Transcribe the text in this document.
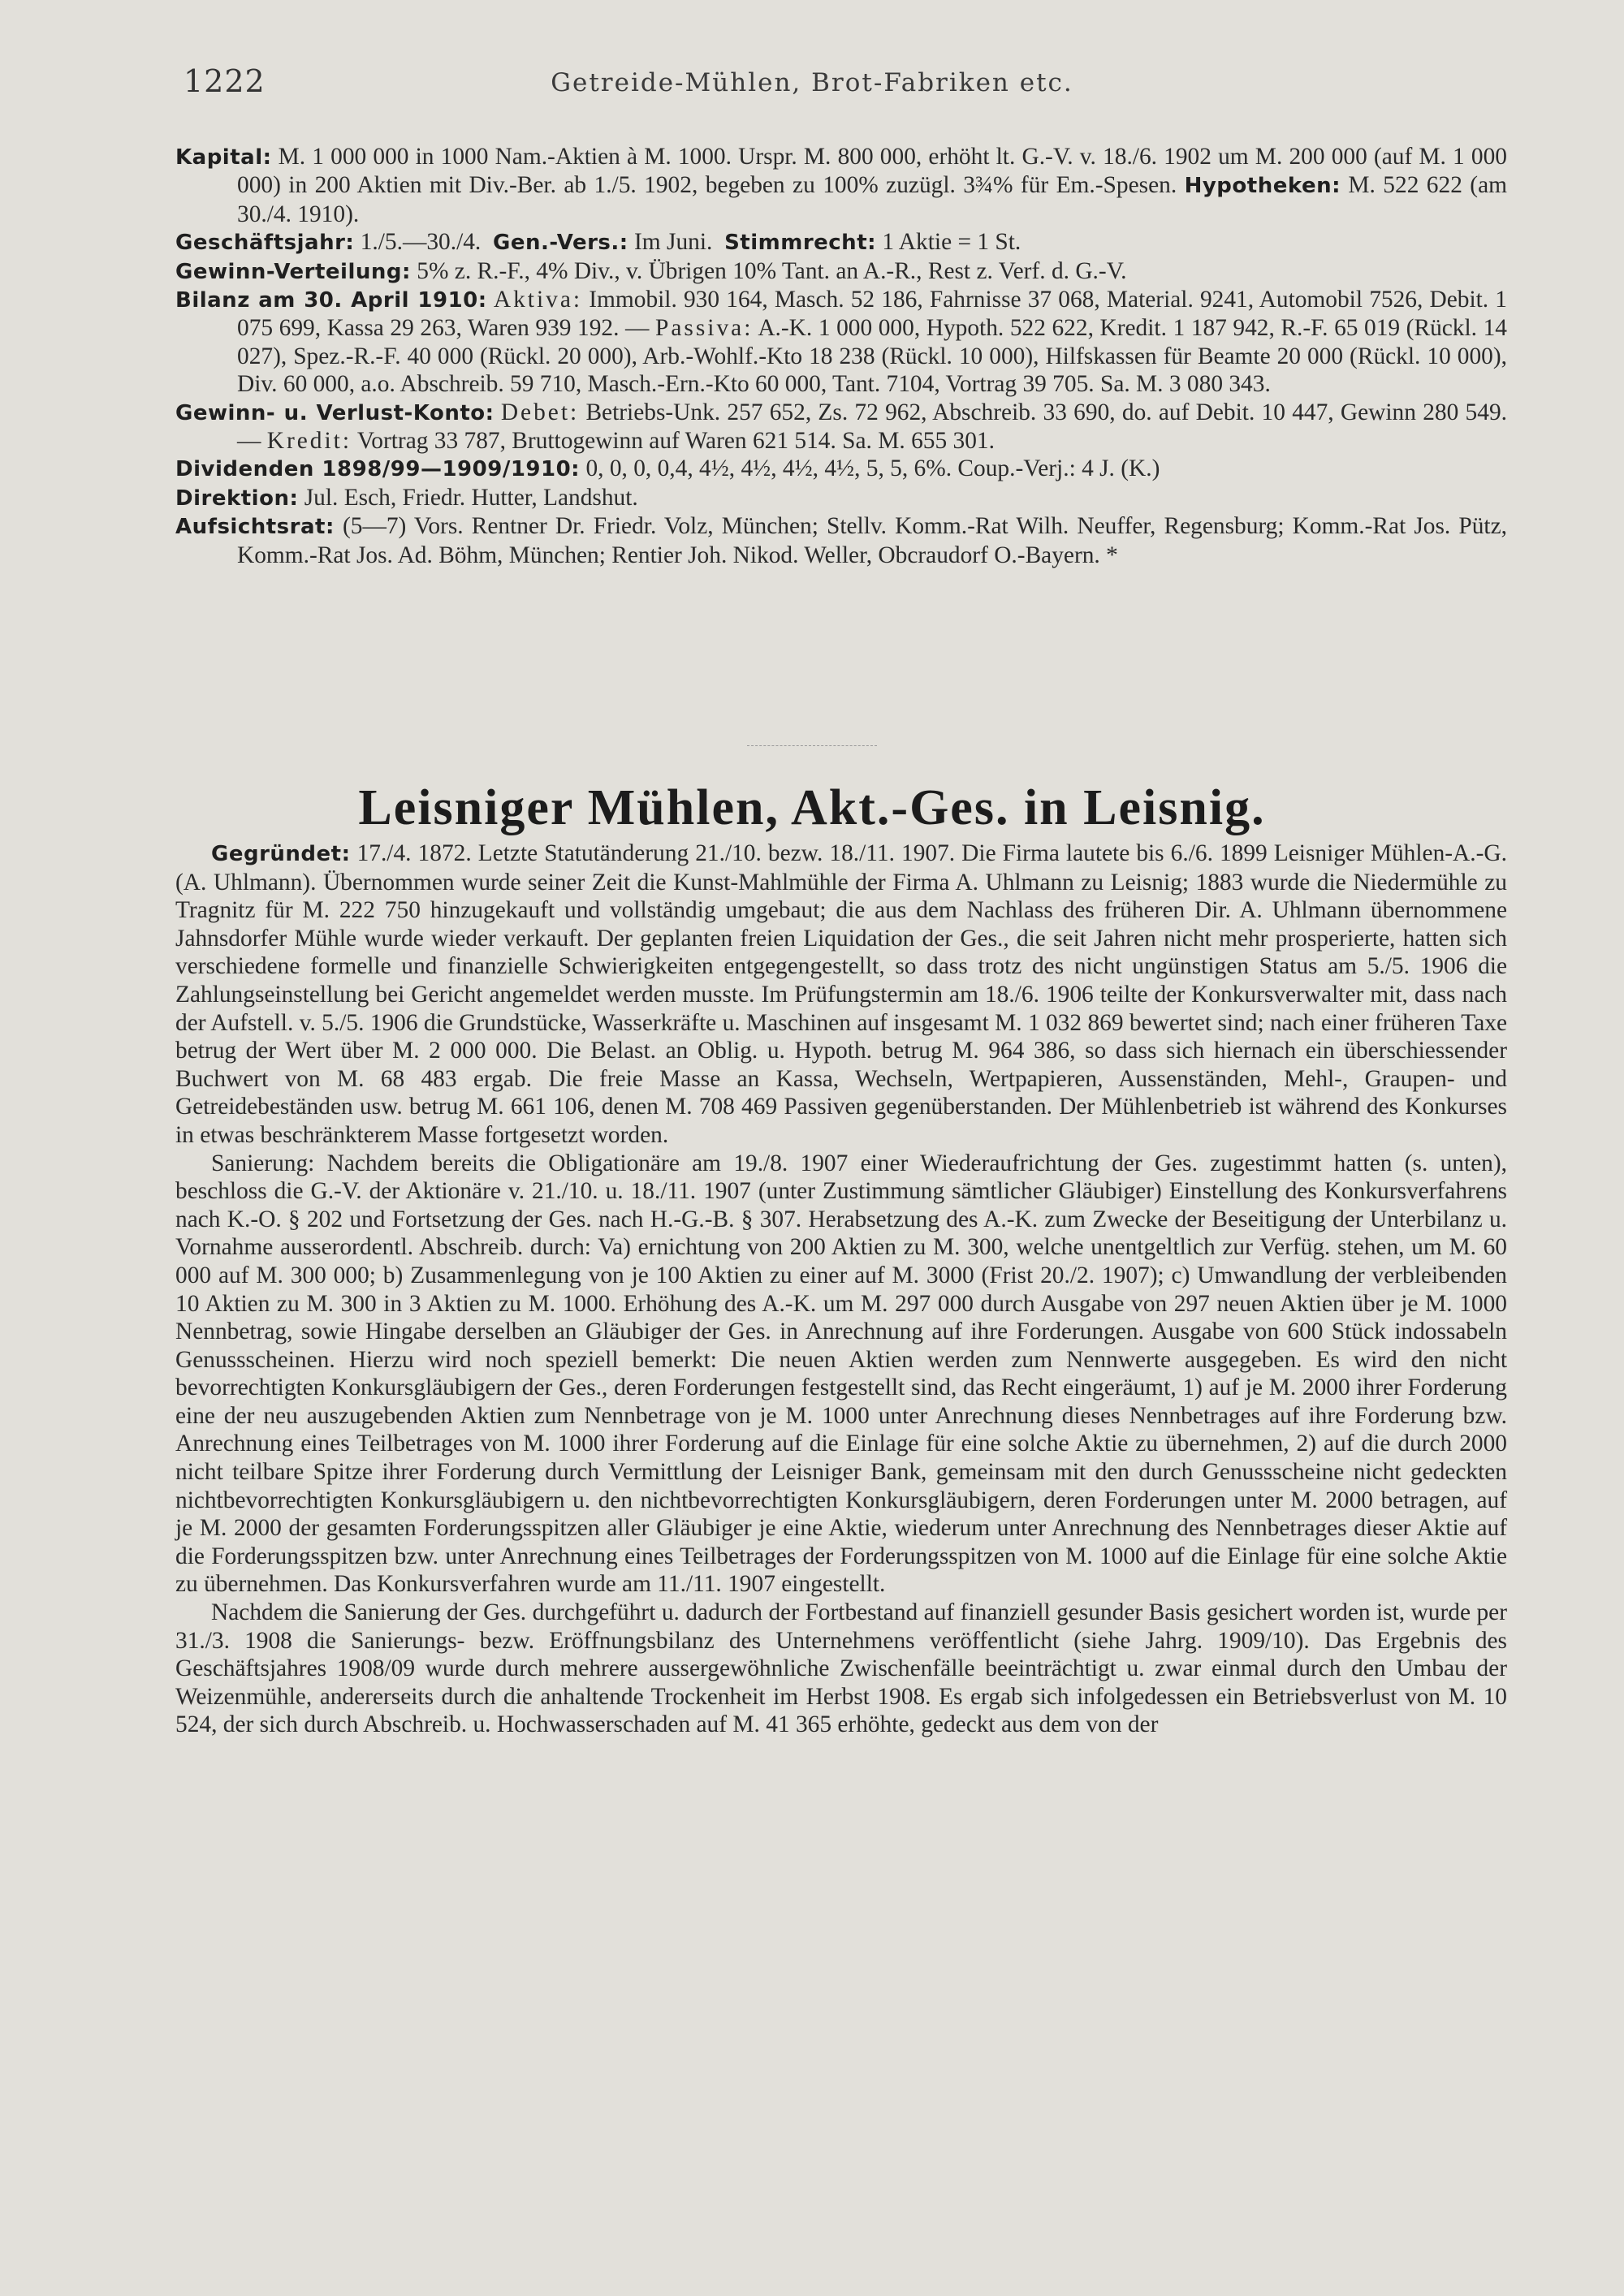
1222	Getreide-Mühlen, Brot-Fabriken etc.

Kapital: M. 1 000 000 in 1000 Nam.-Aktien à M. 1000. Urspr. M. 800 000, erhöht lt. G.-V. v. 18./6. 1902 um M. 200 000 (auf M. 1 000 000) in 200 Aktien mit Div.-Ber. ab 1./5. 1902, begeben zu 100% zuzügl. 3¾% für Em.-Spesen. Hypotheken: M. 522 622 (am 30./4. 1910).

Geschäftsjahr: 1./5.—30./4. Gen.-Vers.: Im Juni. Stimmrecht: 1 Aktie = 1 St.

Gewinn-Verteilung: 5% z. R.-F., 4% Div., v. Übrigen 10% Tant. an A.-R., Rest z. Verf. d. G.-V.

Bilanz am 30. April 1910: Aktiva: Immobil. 930 164, Masch. 52 186, Fahrnisse 37 068, Material. 9241, Automobil 7526, Debit. 1 075 699, Kassa 29 263, Waren 939 192. — Passiva: A.-K. 1 000 000, Hypoth. 522 622, Kredit. 1 187 942, R.-F. 65 019 (Rückl. 14 027), Spez.-R.-F. 40 000 (Rückl. 20 000), Arb.-Wohlf.-Kto 18 238 (Rückl. 10 000), Hilfskassen für Beamte 20 000 (Rückl. 10 000), Div. 60 000, a.o. Abschreib. 59 710, Masch.-Ern.-Kto 60 000, Tant. 7104, Vortrag 39 705. Sa. M. 3 080 343.

Gewinn- u. Verlust-Konto: Debet: Betriebs-Unk. 257 652, Zs. 72 962, Abschreib. 33 690, do. auf Debit. 10 447, Gewinn 280 549. — Kredit: Vortrag 33 787, Bruttogewinn auf Waren 621 514. Sa. M. 655 301.

Dividenden 1898/99—1909/1910: 0, 0, 0, 0,4, 4½, 4½, 4½, 4½, 5, 5, 6%. Coup.-Verj.: 4 J. (K.)

Direktion: Jul. Esch, Friedr. Hutter, Landshut.

Aufsichtsrat: (5—7) Vors. Rentner Dr. Friedr. Volz, München; Stellv. Komm.-Rat Wilh. Neuffer, Regensburg; Komm.-Rat Jos. Pütz, Komm.-Rat Jos. Ad. Böhm, München; Rentier Joh. Nikod. Weller, Obcraudorf O.-Bayern. *

Leisniger Mühlen, Akt.-Ges. in Leisnig.

Gegründet: 17./4. 1872. Letzte Statutänderung 21./10. bezw. 18./11. 1907. Die Firma lautete bis 6./6. 1899 Leisniger Mühlen-A.-G. (A. Uhlmann). Übernommen wurde seiner Zeit die Kunst-Mahlmühle der Firma A. Uhlmann zu Leisnig; 1883 wurde die Niedermühle zu Tragnitz für M. 222 750 hinzugekauft und vollständig umgebaut; die aus dem Nachlass des früheren Dir. A. Uhlmann übernommene Jahnsdorfer Mühle wurde wieder verkauft. Der geplanten freien Liquidation der Ges., die seit Jahren nicht mehr prosperierte, hatten sich verschiedene formelle und finanzielle Schwierigkeiten entgegengestellt, so dass trotz des nicht ungünstigen Status am 5./5. 1906 die Zahlungseinstellung bei Gericht angemeldet werden musste. Im Prüfungstermin am 18./6. 1906 teilte der Konkursverwalter mit, dass nach der Aufstell. v. 5./5. 1906 die Grundstücke, Wasserkräfte u. Maschinen auf insgesamt M. 1 032 869 bewertet sind; nach einer früheren Taxe betrug der Wert über M. 2 000 000. Die Belast. an Oblig. u. Hypoth. betrug M. 964 386, so dass sich hiernach ein überschiessender Buchwert von M. 68 483 ergab. Die freie Masse an Kassa, Wechseln, Wertpapieren, Aussenständen, Mehl-, Graupen- und Getreidebeständen usw. betrug M. 661 106, denen M. 708 469 Passiven gegenüberstanden. Der Mühlenbetrieb ist während des Konkurses in etwas beschränkterem Masse fortgesetzt worden.

Sanierung: Nachdem bereits die Obligationäre am 19./8. 1907 einer Wiederaufrichtung der Ges. zugestimmt hatten (s. unten), beschloss die G.-V. der Aktionäre v. 21./10. u. 18./11. 1907 (unter Zustimmung sämtlicher Gläubiger) Einstellung des Konkursverfahrens nach K.-O. § 202 und Fortsetzung der Ges. nach H.-G.-B. § 307. Herabsetzung des A.-K. zum Zwecke der Beseitigung der Unterbilanz u. Vornahme ausserordentl. Abschreib. durch: Va) ernichtung von 200 Aktien zu M. 300, welche unentgeltlich zur Verfüg. stehen, um M. 60 000 auf M. 300 000; b) Zusammenlegung von je 100 Aktien zu einer auf M. 3000 (Frist 20./2. 1907); c) Umwandlung der verbleibenden 10 Aktien zu M. 300 in 3 Aktien zu M. 1000. Erhöhung des A.-K. um M. 297 000 durch Ausgabe von 297 neuen Aktien über je M. 1000 Nennbetrag, sowie Hingabe derselben an Gläubiger der Ges. in Anrechnung auf ihre Forderungen. Ausgabe von 600 Stück indossabeln Genussscheinen. Hierzu wird noch speziell bemerkt: Die neuen Aktien werden zum Nennwerte ausgegeben. Es wird den nicht bevorrechtigten Konkursgläubigern der Ges., deren Forderungen festgestellt sind, das Recht eingeräumt, 1) auf je M. 2000 ihrer Forderung eine der neu auszugebenden Aktien zum Nennbetrage von je M. 1000 unter Anrechnung dieses Nennbetrages auf ihre Forderung bzw. Anrechnung eines Teilbetrages von M. 1000 ihrer Forderung auf die Einlage für eine solche Aktie zu übernehmen, 2) auf die durch 2000 nicht teilbare Spitze ihrer Forderung durch Vermittlung der Leisniger Bank, gemeinsam mit den durch Genussscheine nicht gedeckten nichtbevorrechtigten Konkursgläubigern u. den nichtbevorrechtigten Konkursgläubigern, deren Forderungen unter M. 2000 betragen, auf je M. 2000 der gesamten Forderungsspitzen aller Gläubiger je eine Aktie, wiederum unter Anrechnung des Nennbetrages dieser Aktie auf die Forderungsspitzen bzw. unter Anrechnung eines Teilbetrages der Forderungsspitzen von M. 1000 auf die Einlage für eine solche Aktie zu übernehmen. Das Konkursverfahren wurde am 11./11. 1907 eingestellt.

Nachdem die Sanierung der Ges. durchgeführt u. dadurch der Fortbestand auf finanziell gesunder Basis gesichert worden ist, wurde per 31./3. 1908 die Sanierungs- bezw. Eröffnungsbilanz des Unternehmens veröffentlicht (siehe Jahrg. 1909/10). Das Ergebnis des Geschäftsjahres 1908/09 wurde durch mehrere aussergewöhnliche Zwischenfälle beeinträchtigt u. zwar einmal durch den Umbau der Weizenmühle, andererseits durch die anhaltende Trockenheit im Herbst 1908. Es ergab sich infolgedessen ein Betriebsverlust von M. 10 524, der sich durch Abschreib. u. Hochwasserschaden auf M. 41 365 erhöhte, gedeckt aus dem von der
